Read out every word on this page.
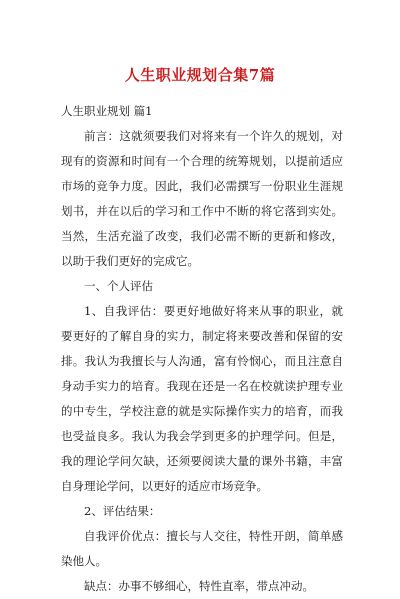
人生职业规划合集7篇
人生职业规划 篇1

前言：这就须要我们对将来有一个许久的规划，对现有的资源和时间有一个合理的统筹规划，以提前适应市场的竞争力度。因此，我们必需撰写一份职业生涯规划书，并在以后的学习和工作中不断的将它落到实处。当然，生活充溢了改变，我们必需不断的更新和修改，以助于我们更好的完成它。

一、个人评估

1、自我评估：要更好地做好将来从事的职业，就要更好的了解自身的实力，制定将来要改善和保留的安排。我认为我擅长与人沟通，富有怜悯心，而且注意自身动手实力的培育。我现在还是一名在校就读护理专业的中专生，学校注意的就是实际操作实力的培育，而我也受益良多。我认为我会学到更多的护理学问。但是，我的理论学问欠缺，还须要阅读大量的课外书籍，丰富自身理论学问，以更好的适应市场竞争。

2、评估结果：

自我评价优点：擅长与人交往，特性开朗，简单感染他人。

缺点：办事不够细心，特性直率，带点冲动。
